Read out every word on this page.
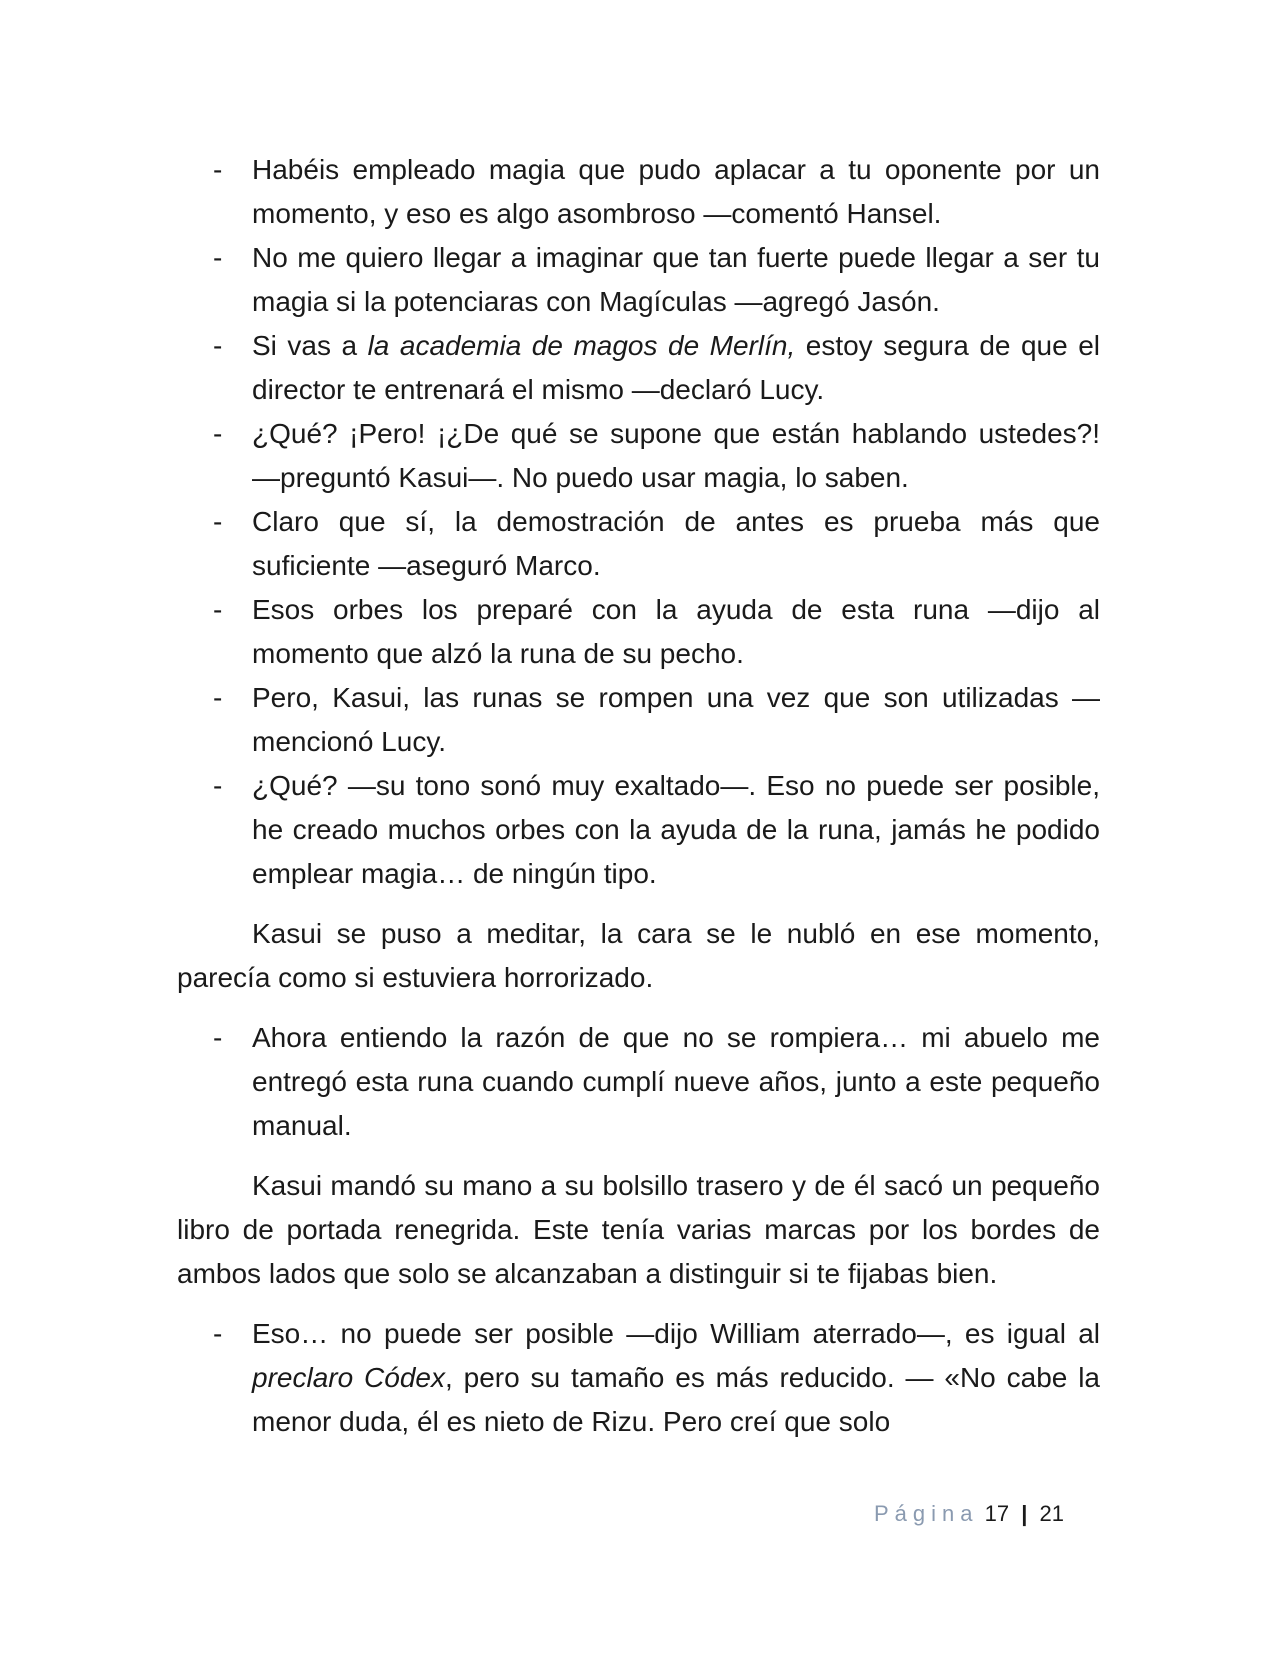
- Habéis empleado magia que pudo aplacar a tu oponente por un momento, y eso es algo asombroso —comentó Hansel.
- No me quiero llegar a imaginar que tan fuerte puede llegar a ser tu magia si la potenciaras con Magículas —agregó Jasón.
- Si vas a la academia de magos de Merlín, estoy segura de que el director te entrenará el mismo —declaró Lucy.
- ¿Qué? ¡Pero! ¡¿De qué se supone que están hablando ustedes?! —preguntó Kasui—. No puedo usar magia, lo saben.
- Claro que sí, la demostración de antes es prueba más que suficiente —aseguró Marco.
- Esos orbes los preparé con la ayuda de esta runa —dijo al momento que alzó la runa de su pecho.
- Pero, Kasui, las runas se rompen una vez que son utilizadas —mencionó Lucy.
- ¿Qué? —su tono sonó muy exaltado—. Eso no puede ser posible, he creado muchos orbes con la ayuda de la runa, jamás he podido emplear magia… de ningún tipo.

Kasui se puso a meditar, la cara se le nubló en ese momento, parecía como si estuviera horrorizado.

- Ahora entiendo la razón de que no se rompiera… mi abuelo me entregó esta runa cuando cumplí nueve años, junto a este pequeño manual.

Kasui mandó su mano a su bolsillo trasero y de él sacó un pequeño libro de portada renegrida. Este tenía varias marcas por los bordes de ambos lados que solo se alcanzaban a distinguir si te fijabas bien.

- Eso… no puede ser posible —dijo William aterrado—, es igual al preclaro Códex, pero su tamaño es más reducido. — «No cabe la menor duda, él es nieto de Rizu. Pero creí que solo
Página 17 | 21
